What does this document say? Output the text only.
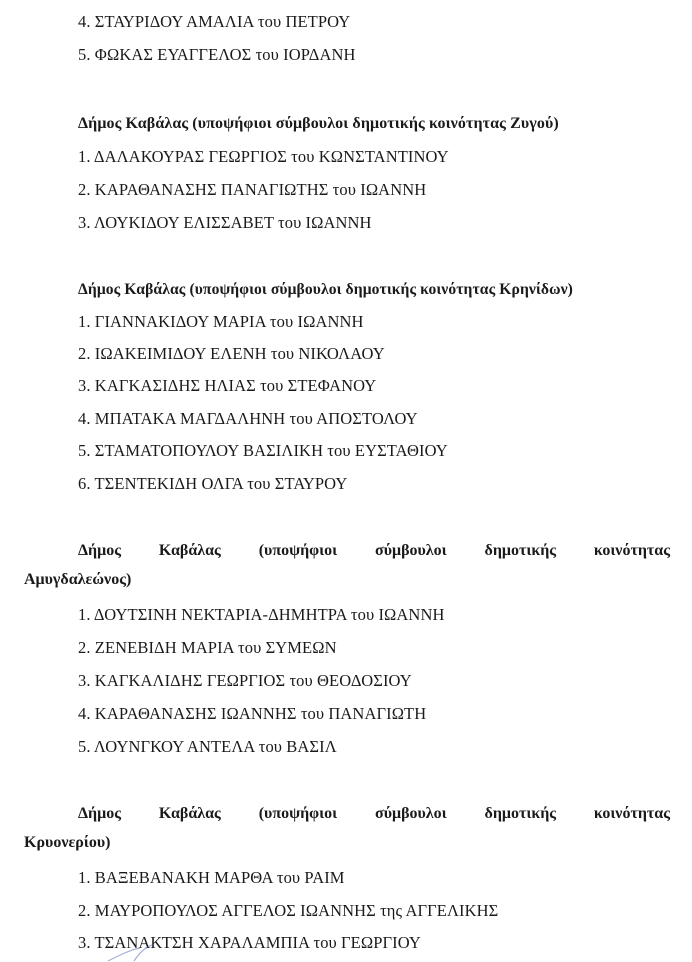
4. ΣΤΑΥΡΙΔΟΥ ΑΜΑΛΙΑ του ΠΕΤΡΟΥ
5. ΦΩΚΑΣ ΕΥΑΓΓΕΛΟΣ του ΙΟΡΔΑΝΗ
Δήμος Καβάλας (υποψήφιοι σύμβουλοι δημοτικής κοινότητας Ζυγού)
1. ΔΑΛΑΚΟΥΡΑΣ ΓΕΩΡΓΙΟΣ του ΚΩΝΣΤΑΝΤΙΝΟΥ
2. ΚΑΡΑΘΑΝΑΣΗΣ ΠΑΝΑΓΙΩΤΗΣ του ΙΩΑΝΝΗ
3. ΛΟΥΚΙΔΟΥ ΕΛΙΣΣΑΒΕΤ του ΙΩΑΝΝΗ
Δήμος Καβάλας (υποψήφιοι σύμβουλοι δημοτικής κοινότητας Κρηνίδων)
1. ΓΙΑΝΝΑΚΙΔΟΥ ΜΑΡΙΑ του ΙΩΑΝΝΗ
2. ΙΩΑΚΕΙΜΙΔΟΥ ΕΛΕΝΗ του ΝΙΚΟΛΑΟΥ
3. ΚΑΓΚΑΣΙΔΗΣ ΗΛΙΑΣ του ΣΤΕΦΑΝΟΥ
4. ΜΠΑΤΑΚΑ ΜΑΓΔΑΛΗΝΗ του ΑΠΟΣΤΟΛΟΥ
5. ΣΤΑΜΑΤΟΠΟΥΛΟΥ ΒΑΣΙΛΙΚΗ του ΕΥΣΤΑΘΙΟΥ
6. ΤΣΕΝΤΕΚΙΔΗ ΟΛΓΑ του ΣΤΑΥΡΟΥ
Δήμος Καβάλας (υποψήφιοι σύμβουλοι δημοτικής κοινότητας
Αμυγδαλεώνος)
1. ΔΟΥΤΣΙΝΗ ΝΕΚΤΑΡΙΑ-ΔΗΜΗΤΡΑ του ΙΩΑΝΝΗ
2. ΖΕΝΕΒΙΔΗ ΜΑΡΙΑ του ΣΥΜΕΩΝ
3. ΚΑΓΚΑΛΙΔΗΣ ΓΕΩΡΓΙΟΣ του ΘΕΟΔΟΣΙΟΥ
4. ΚΑΡΑΘΑΝΑΣΗΣ ΙΩΑΝΝΗΣ του ΠΑΝΑΓΙΩΤΗ
5. ΛΟΥΝΓΚΟΥ ΑΝΤΕΛΑ του ΒΑΣΙΛ
Δήμος Καβάλας (υποψήφιοι σύμβουλοι δημοτικής κοινότητας
Κρυονερίου)
1. ΒΑΞΕΒΑΝΑΚΗ ΜΑΡΘΑ του ΡΑΙΜ
2. ΜΑΥΡΟΠΟΥΛΟΣ ΑΓΓΕΛΟΣ ΙΩΑΝΝΗΣ της ΑΓΓΕΛΙΚΗΣ
3. ΤΣΑΝΑΚΤΣΗ ΧΑΡΑΛΑΜΠΙΑ του ΓΕΩΡΓΙΟΥ
